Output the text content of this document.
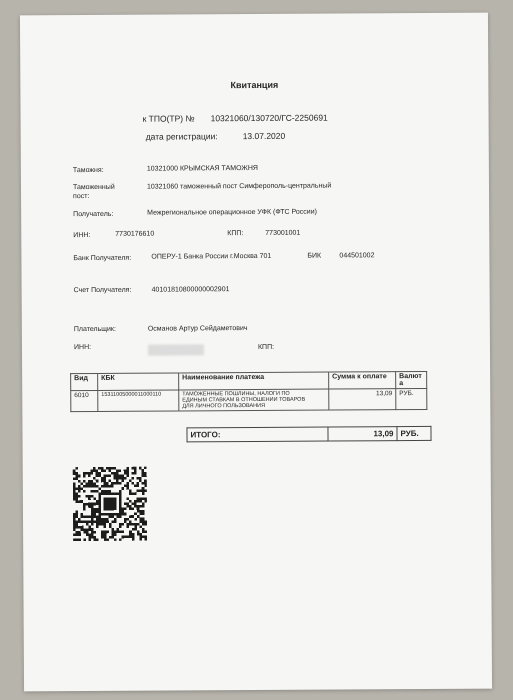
Квитанция
к ТПО(ТР) № 10321060/130720/ГС-2250691
дата регистрации:	13.07.2020
Таможня:	10321000 КРЫМСКАЯ ТАМОЖНЯ
Таможенный
пост:
10321060 таможенный пост Симферополь-центральный
Получатель:	Межрегиональное операционное УФК (ФТС России)
ИНН:	7730176610	КПП:	773001001
Банк Получателя:	ОПЕРУ-1 Банка России г.Москва 701	БИК	044501002
Счет Получателя:	40101810800000002901
Плательщик:	Османов Артур Сейдаметович
ИНН:	КПП:
Вид	КБК	Наименование платежа	Сумма к оплате	Валют
а

6010	15311005000011000110	ТАМОЖЕННЫЕ ПОШЛИНЫ, НАЛОГИ ПО
ЕДИНЫМ СТАВКАМ В ОТНОШЕНИИ ТОВАРОВ
ДЛЯ ЛИЧНОГО ПОЛЬЗОВАНИЯ	13,09	РУБ.
ИТОГО:	13,09	РУБ.
